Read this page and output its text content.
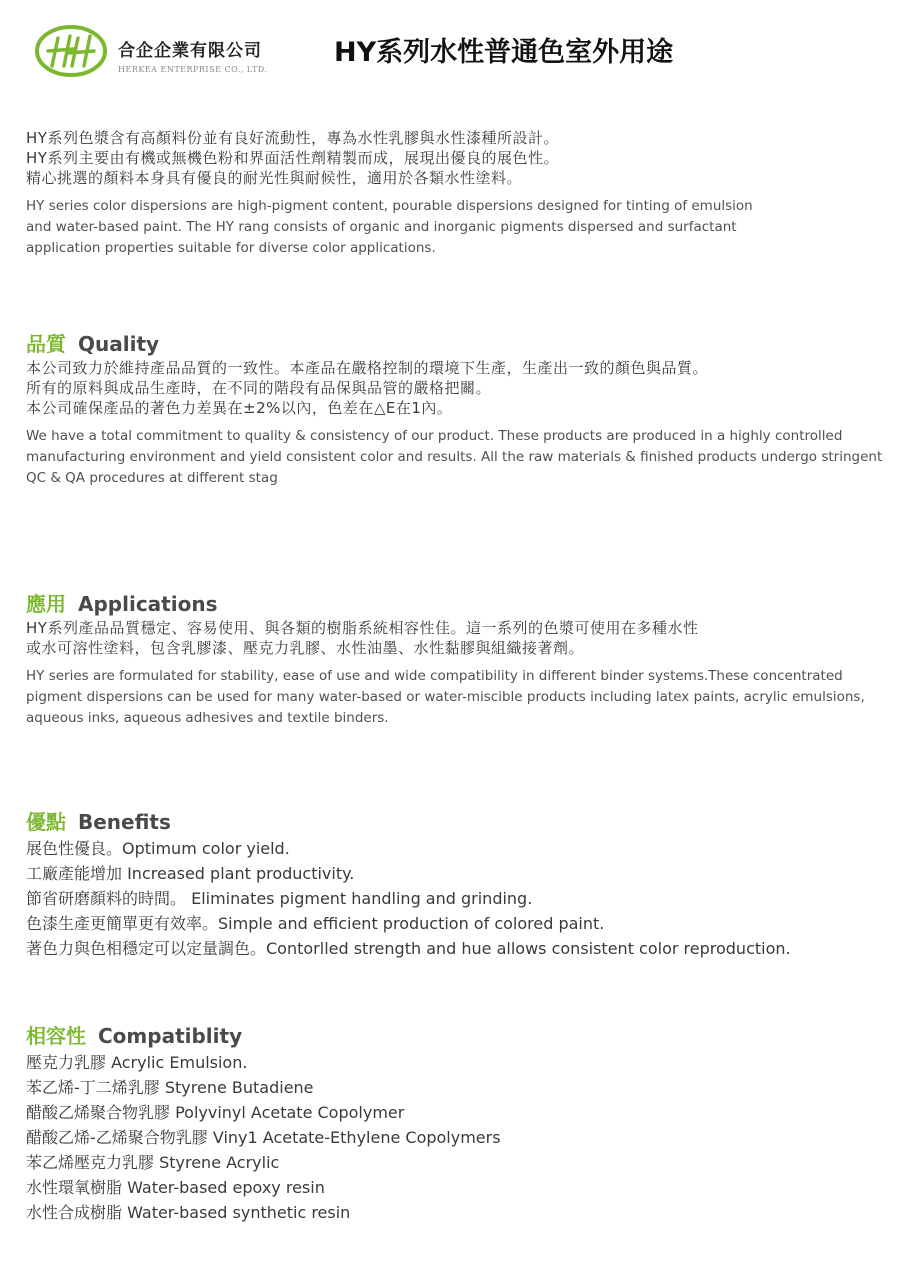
合企企業有限公司
HERKEA ENTERPRISE CO., LTD.
HY系列水性普通色室外用途
HY系列色漿含有高顏料份並有良好流動性，專為水性乳膠與水性漆種所設計。
HY系列主要由有機或無機色粉和界面活性劑精製而成，展現出優良的展色性。
精心挑選的顏料本身具有優良的耐光性與耐候性，適用於各類水性塗料。
HY series color dispersions are high-pigment content, pourable dispersions designed for tinting of emulsion and water-based paint. The HY rang consists of organic and inorganic pigments dispersed and surfactant application properties suitable for diverse color applications.
品質 Quality
本公司致力於維持產品品質的一致性。本產品在嚴格控制的環境下生產，生產出一致的顏色與品質。
所有的原料與成品生產時，在不同的階段有品保與品管的嚴格把關。
本公司確保產品的著色力差異在±2%以內，色差在△E在1內。
We have a total commitment to quality & consistency of our product. These products are produced in a highly controlled manufacturing environment and yield consistent color and results. All the raw materials & finished products undergo stringent QC & QA procedures at different stag
應用 Applications
HY系列產品品質穩定、容易使用、與各類的樹脂系統相容性佳。這一系列的色漿可使用在多種水性
或水可溶性塗料，包含乳膠漆、壓克力乳膠、水性油墨、水性黏膠與組織接著劑。
HY series are formulated for stability, ease of use and wide compatibility in different binder systems.These concentrated pigment dispersions can be used for many water-based or water-miscible products including latex paints, acrylic emulsions, aqueous inks, aqueous adhesives and textile binders.
優點 Benefits
展色性優良。Optimum color yield.
工廠產能增加 Increased plant productivity.
節省研磨顏料的時間。 Eliminates pigment handling and grinding.
色漆生產更簡單更有效率。Simple and efficient production of colored paint.
著色力與色相穩定可以定量調色。Contorlled strength and hue allows consistent color reproduction.
相容性 Compatiblity
壓克力乳膠 Acrylic Emulsion.
苯乙烯-丁二烯乳膠 Styrene Butadiene
醋酸乙烯聚合物乳膠 Polyvinyl Acetate Copolymer
醋酸乙烯-乙烯聚合物乳膠 Viny1 Acetate-Ethylene Copolymers
苯乙烯壓克力乳膠 Styrene Acrylic
水性環氧樹脂 Water-based epoxy resin
水性合成樹脂 Water-based synthetic resin
